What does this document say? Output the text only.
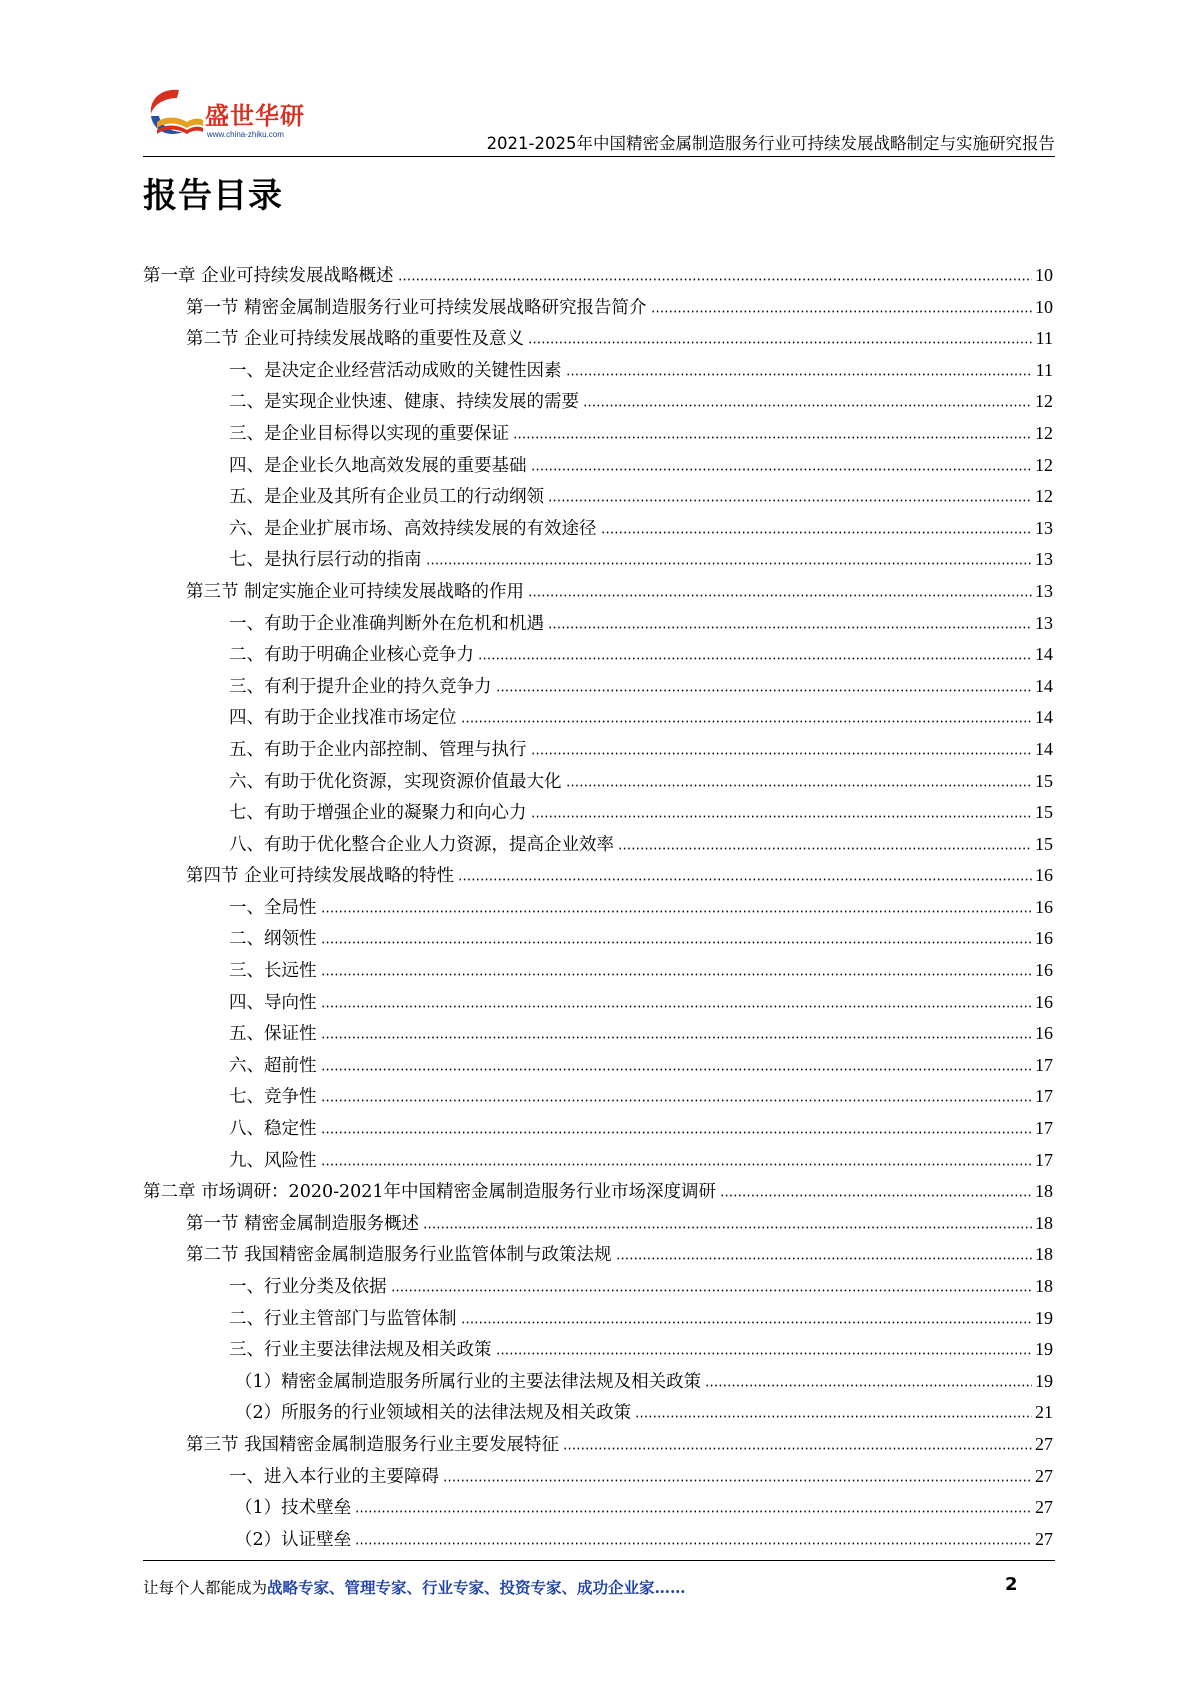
盛世华研
www.china-zhiku.com	2021-2025年中国精密金属制造服务行业可持续发展战略制定与实施研究报告
报告目录
第一章 企业可持续发展战略概述	10
第一节 精密金属制造服务行业可持续发展战略研究报告简介	10
第二节 企业可持续发展战略的重要性及意义	11
一、是决定企业经营活动成败的关键性因素	11
二、是实现企业快速、健康、持续发展的需要	12
三、是企业目标得以实现的重要保证	12
四、是企业长久地高效发展的重要基础	12
五、是企业及其所有企业员工的行动纲领	12
六、是企业扩展市场、高效持续发展的有效途径	13
七、是执行层行动的指南	13
第三节 制定实施企业可持续发展战略的作用	13
一、有助于企业准确判断外在危机和机遇	13
二、有助于明确企业核心竞争力	14
三、有利于提升企业的持久竞争力	14
四、有助于企业找准市场定位	14
五、有助于企业内部控制、管理与执行	14
六、有助于优化资源，实现资源价值最大化	15
七、有助于增强企业的凝聚力和向心力	15
八、有助于优化整合企业人力资源，提高企业效率	15
第四节 企业可持续发展战略的特性	16
一、全局性	16
二、纲领性	16
三、长远性	16
四、导向性	16
五、保证性	16
六、超前性	17
七、竞争性	17
八、稳定性	17
九、风险性	17
第二章 市场调研：2020-2021年中国精密金属制造服务行业市场深度调研	18
第一节 精密金属制造服务概述	18
第二节 我国精密金属制造服务行业监管体制与政策法规	18
一、行业分类及依据	18
二、行业主管部门与监管体制	19
三、行业主要法律法规及相关政策	19
（1）精密金属制造服务所属行业的主要法律法规及相关政策	19
（2）所服务的行业领域相关的法律法规及相关政策	21
第三节 我国精密金属制造服务行业主要发展特征	27
一、进入本行业的主要障碍	27
（1）技术壁垒	27
（2）认证壁垒	27
让每个人都能成为战略专家、管理专家、行业专家、投资专家、成功企业家……	2
